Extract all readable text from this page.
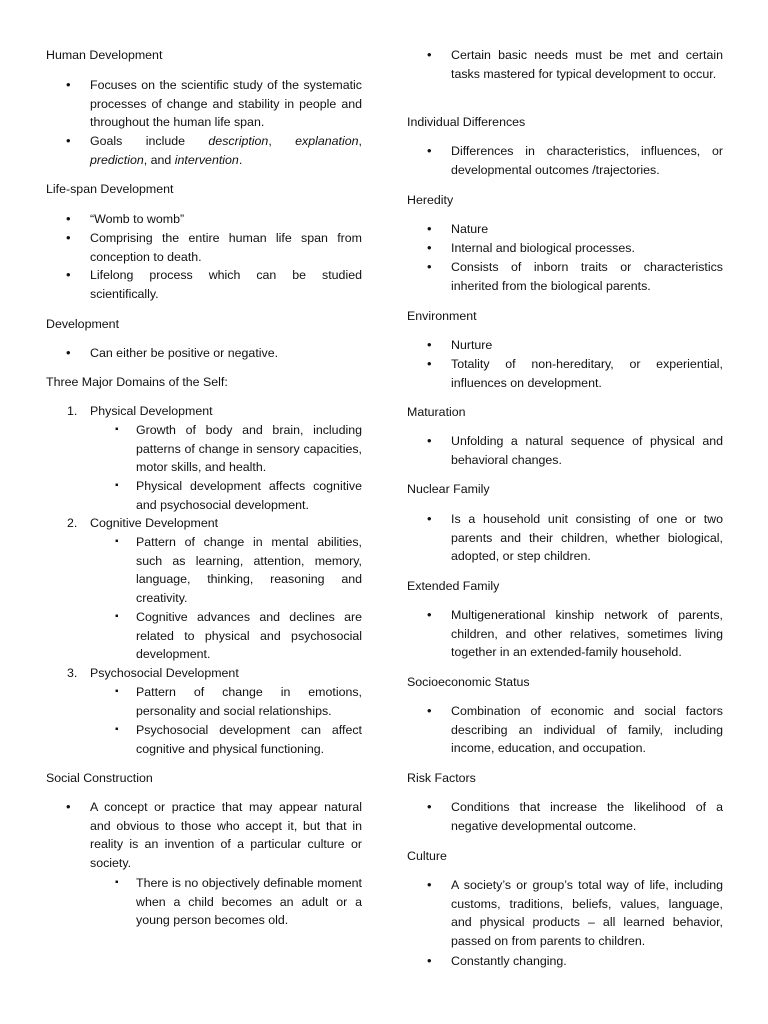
Human Development
• Focuses on the scientific study of the systematic processes of change and stability in people and throughout the human life span.
• Goals include description, explanation, prediction, and intervention.
Life-span Development
• “Womb to womb”
• Comprising the entire human life span from conception to death.
• Lifelong process which can be studied scientifically.
Development
• Can either be positive or negative.
Three Major Domains of the Self:
1. Physical Development
▪ Growth of body and brain, including patterns of change in sensory capacities, motor skills, and health.
▪ Physical development affects cognitive and psychosocial development.
2. Cognitive Development
▪ Pattern of change in mental abilities, such as learning, attention, memory, language, thinking, reasoning and creativity.
▪ Cognitive advances and declines are related to physical and psychosocial development.
3. Psychosocial Development
▪ Pattern of change in emotions, personality and social relationships.
▪ Psychosocial development can affect cognitive and physical functioning.
Social Construction
• A concept or practice that may appear natural and obvious to those who accept it, but that in reality is an invention of a particular culture or society.
▪ There is no objectively definable moment when a child becomes an adult or a young person becomes old.
• Certain basic needs must be met and certain tasks mastered for typical development to occur.
Individual Differences
• Differences in characteristics, influences, or developmental outcomes /trajectories.
Heredity
• Nature
• Internal and biological processes.
• Consists of inborn traits or characteristics inherited from the biological parents.
Environment
• Nurture
• Totality of non-hereditary, or experiential, influences on development.
Maturation
• Unfolding a natural sequence of physical and behavioral changes.
Nuclear Family
• Is a household unit consisting of one or two parents and their children, whether biological, adopted, or step children.
Extended Family
• Multigenerational kinship network of parents, children, and other relatives, sometimes living together in an extended-family household.
Socioeconomic Status
• Combination of economic and social factors describing an individual of family, including income, education, and occupation.
Risk Factors
• Conditions that increase the likelihood of a negative developmental outcome.
Culture
• A society’s or group’s total way of life, including customs, traditions, beliefs, values, language, and physical products – all learned behavior, passed on from parents to children.
• Constantly changing.
